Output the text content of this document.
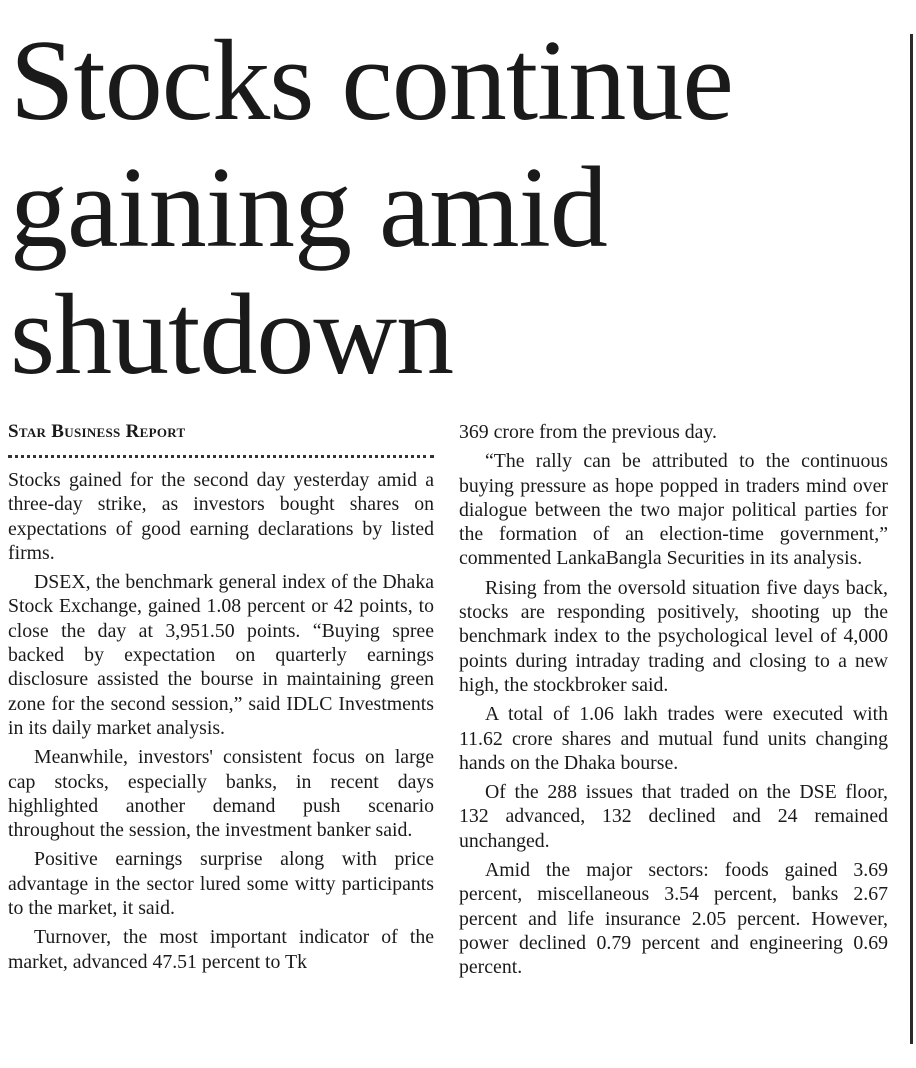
Stocks continue gaining amid shutdown
Star Business Report

Stocks gained for the second day yesterday amid a three-day strike, as investors bought shares on expectations of good earning declarations by listed firms.

DSEX, the benchmark general index of the Dhaka Stock Exchange, gained 1.08 percent or 42 points, to close the day at 3,951.50 points. “Buying spree backed by expectation on quarterly earnings disclosure assisted the bourse in maintaining green zone for the second session,” said IDLC Investments in its daily market analysis.

Meanwhile, investors' consistent focus on large cap stocks, especially banks, in recent days highlighted another demand push scenario throughout the session, the investment banker said.

Positive earnings surprise along with price advantage in the sector lured some witty participants to the market, it said.

Turnover, the most important indicator of the market, advanced 47.51 percent to Tk

369 crore from the previous day.

“The rally can be attributed to the continuous buying pressure as hope popped in traders mind over dialogue between the two major political parties for the formation of an election-time government,” commented LankaBangla Securities in its analysis.

Rising from the oversold situation five days back, stocks are responding positively, shooting up the benchmark index to the psychological level of 4,000 points during intraday trading and closing to a new high, the stockbroker said.

A total of 1.06 lakh trades were executed with 11.62 crore shares and mutual fund units changing hands on the Dhaka bourse.

Of the 288 issues that traded on the DSE floor, 132 advanced, 132 declined and 24 remained unchanged.

Amid the major sectors: foods gained 3.69 percent, miscellaneous 3.54 percent, banks 2.67 percent and life insurance 2.05 percent. However, power declined 0.79 percent and engineering 0.69 percent.
